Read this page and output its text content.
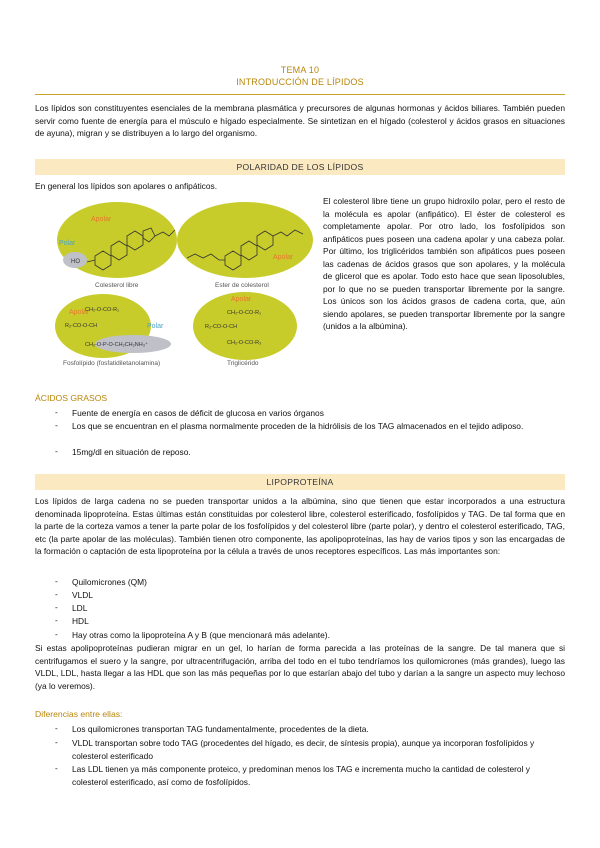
TEMA 10
INTRODUCCIÓN DE LÍPIDOS
Los lípidos son constituyentes esenciales de la membrana plasmática y precursores de algunas hormonas y ácidos biliares. También pueden servir como fuente de energía para el músculo e hígado especialmente. Se sintetizan en el hígado (colesterol y ácidos grasos en situaciones de ayuna), migran y se distribuyen a lo largo del organismo.
POLARIDAD DE LOS LÍPIDOS
En general los lípidos son apolares o anfipáticos.
Polar
HO
Apolar
Colesterol libre
Apolar
Ester de colesterol
Apolar
Polar
CH₂-O-CO-R₁
R₂-CO-O-CH
CH₂-O-P-O-CH₂CH₂NH₃⁺
Fosfolípido (fosfatidiletanolamina)
Apolar
CH₂-O-CO-R₁
R₂-CO-O-CH
CH₂-O-CO-R₃
Triglicérido
El colesterol libre tiene un grupo hidroxilo polar, pero el resto de la molécula es apolar (anfipático). El éster de colesterol es completamente apolar. Por otro lado, los fosfolípidos son anfipáticos pues poseen una cadena apolar y una cabeza polar. Por último, los triglicéridos también son afipáticos pues poseen las cadenas de ácidos grasos que son apolares, y la molécula de glicerol que es apolar. Todo esto hace que sean liposolubles, por lo que no se pueden transportar libremente por la sangre. Los únicos son los ácidos grasos de cadena corta, que, aún siendo apolares, se pueden transportar libremente por la sangre (unidos a la albúmina).
ÁCIDOS GRASOS
- Fuente de energía en casos de déficit de glucosa en varios órganos
- Los que se encuentran en el plasma normalmente proceden de la hidrólisis de los TAG almacenados en el tejido adiposo.
- 15mg/dl en situación de reposo.
LIPOPROTEÍNA
Los lípidos de larga cadena no se pueden transportar unidos a la albúmina, sino que tienen que estar incorporados a una estructura denominada lipoproteína. Estas últimas están constituidas por colesterol libre, colesterol esterificado, fosfolípidos y TAG. De tal forma que en la parte de la corteza vamos a tener la parte polar de los fosfolípidos y del colesterol libre (parte polar), y dentro el colesterol esterificado, TAG, etc (la parte apolar de las moléculas). También tienen otro componente, las apolipoproteínas, las hay de varios tipos y son las encargadas de la formación o captación de esta lipoproteína por la célula a través de unos receptores específicos. Las más importantes son:
- Quilomicrones (QM)
- VLDL
- LDL
- HDL
- Hay otras como la lipoproteína A y B (que mencionará más adelante).
Si estas apolipoproteínas pudieran migrar en un gel, lo harían de forma parecida a las proteínas de la sangre. De tal manera que si centrifugamos el suero y la sangre, por ultracentrifugación, arriba del todo en el tubo tendríamos los quilomicrones (más grandes), luego las VLDL, LDL, hasta llegar a las HDL que son las más pequeñas por lo que estarían abajo del tubo y darían a la sangre un aspecto muy lechoso (ya lo veremos).
Diferencias entre ellas:
- Los quilomicrones transportan TAG fundamentalmente, procedentes de la dieta.
- VLDL transportan sobre todo TAG (procedentes del hígado, es decir, de síntesis propia), aunque ya incorporan fosfolípidos y colesterol esterificado
- Las LDL tienen ya más componente proteico, y predominan menos los TAG e incrementa mucho la cantidad de colesterol y colesterol esterificado, así como de fosfolípidos.
